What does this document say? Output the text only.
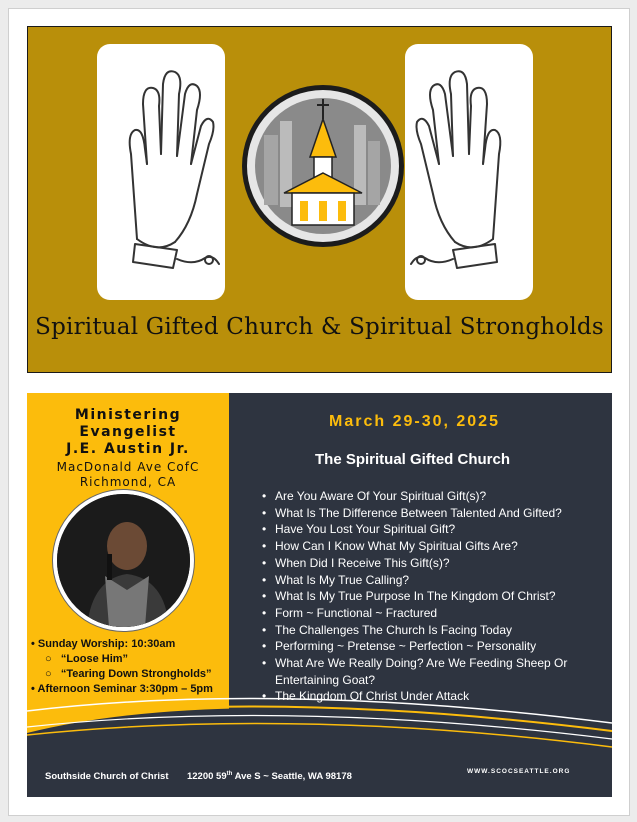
Spiritual Gifted Church & Spiritual Strongholds
Ministering Evangelist
J.E. Austin Jr.
MacDonald Ave CofC
Richmond, CA
• Sunday Worship: 10:30am
○   “Loose Him”
○   “Tearing Down Strongholds”
• Afternoon Seminar 3:30pm – 5pm
March 29-30, 2025
The Spiritual Gifted Church
• Are You Aware Of Your Spiritual Gift(s)?
• What Is The Difference Between Talented And Gifted?
• Have You Lost Your Spiritual Gift?
• How Can I Know What My Spiritual Gifts Are?
• When Did I Receive This Gift(s)?
• What Is My True Calling?
• What Is My True Purpose In The Kingdom Of Christ?
• Form ~ Functional ~ Fractured
• The Challenges The Church Is Facing Today
• Performing ~ Pretense ~ Perfection ~ Personality
• What Are We Really Doing? Are We Feeding Sheep Or Entertaining Goat?
• The Kingdom Of Christ Under Attack
Southside Church of Christ 12200 59th Ave S ~ Seattle, WA 98178	WWW.SCOCSEATTLE.ORG
